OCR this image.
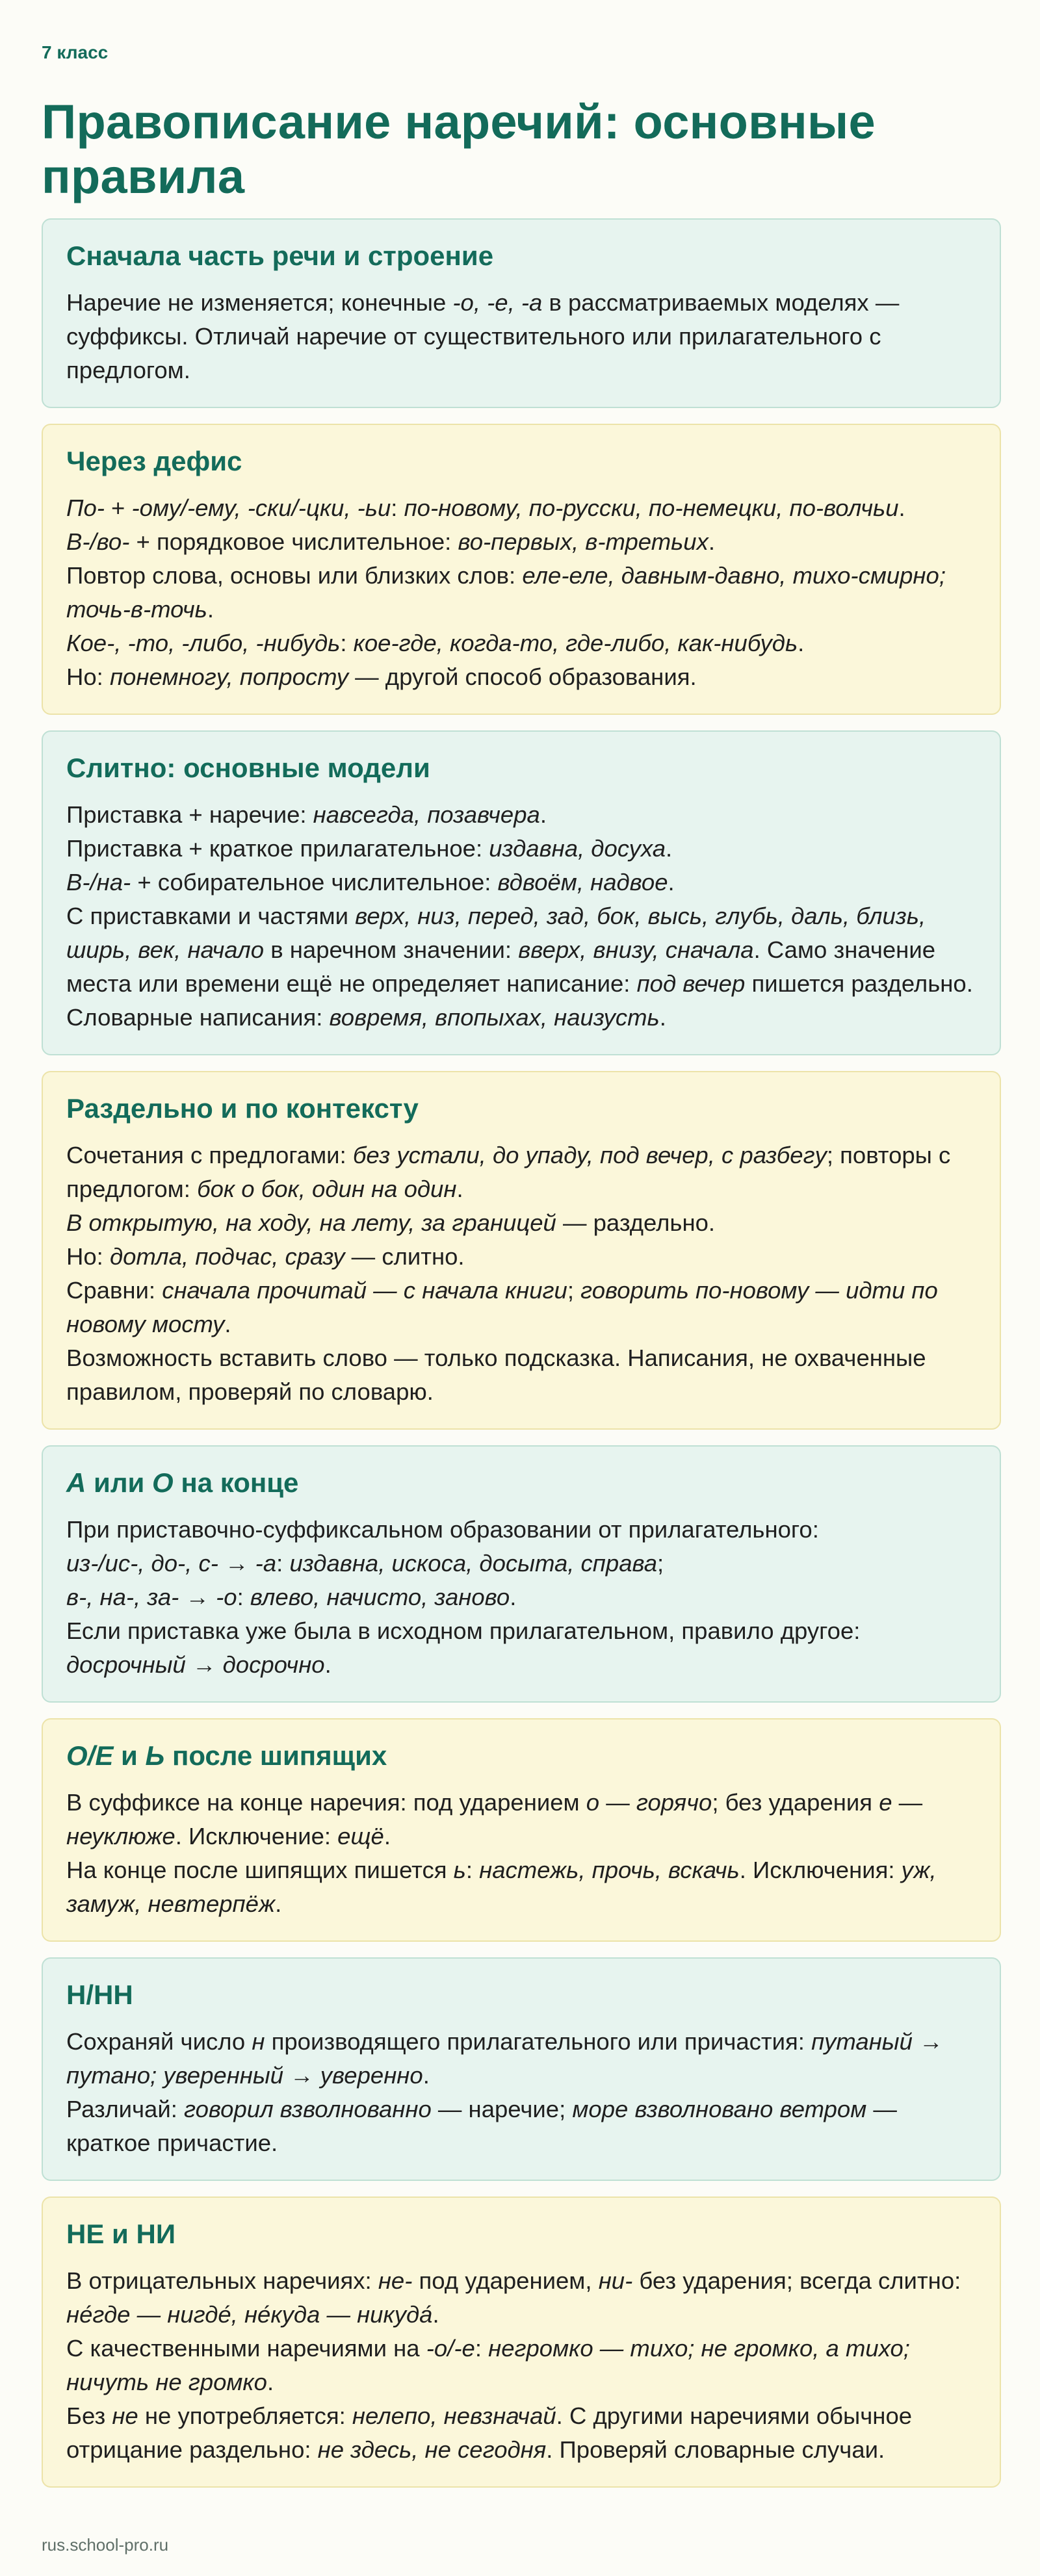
7 класс

Правописание наречий: основные правила
Сначала часть речи и строение

Наречие не изменяется; конечные -о, -е, -а в рассматриваемых моделях — суффиксы. Отличай наречие от существительного или прилагательного с предлогом.

Через дефис

По- + -ому/-ему, -ски/-цки, -ьи: по-новому, по-русски, по-немецки, по-волчьи.

В-/во- + порядковое числительное: во-первых, в-третьих.

Повтор слова, основы или близких слов: еле-еле, давным-давно, тихо-смирно; точь-в-точь.

Кое-, -то, -либо, -нибудь: кое-где, когда-то, где-либо, как-нибудь.

Но: понемногу, попросту — другой способ образования.

Слитно: основные модели

Приставка + наречие: навсегда, позавчера.

Приставка + краткое прилагательное: издавна, досуха.

В-/на- + собирательное числительное: вдвоём, надвое.

С приставками и частями верх, низ, перед, зад, бок, высь, глубь, даль, близь, ширь, век, начало в наречном значении: вверх, внизу, сначала. Само значение места или времени ещё не определяет написание: под вечер пишется раздельно.

Словарные написания: вовремя, впопыхах, наизусть.

Раздельно и по контексту

Сочетания с предлогами: без устали, до упаду, под вечер, с разбегу; повторы с предлогом: бок о бок, один на один.

В открытую, на ходу, на лету, за границей — раздельно.

Но: дотла, подчас, сразу — слитно.

Сравни: сначала прочитай — с начала книги; говорить по-новому — идти по новому мосту.

Возможность вставить слово — только подсказка. Написания, не охваченные правилом, проверяй по словарю.

А или О на конце

При приставочно-суффиксальном образовании от прилагательного:

из-/ис-, до-, с- → -а: издавна, искоса, досыта, справа;

в-, на-, за- → -о: влево, начисто, заново.

Если приставка уже была в исходном прилагательном, правило другое: досрочный → досрочно.

О/Е и Ь после шипящих

В суффиксе на конце наречия: под ударением о — горячо; без ударения е — неуклюже. Исключение: ещё.

На конце после шипящих пишется ь: настежь, прочь, вскачь. Исключения: уж, замуж, невтерпёж.

Н/НН

Сохраняй число н производящего прилагательного или причастия: путаный → путано; уверенный → уверенно.

Различай: говорил взволнованно — наречие; море взволновано ветром — краткое причастие.

НЕ и НИ

В отрицательных наречиях: не- под ударением, ни- без ударения; всегда слитно: не́где — нигде́, не́куда — никуда́.

С качественными наречиями на -о/-е: негромко — тихо; не громко, а тихо; ничуть не громко.

Без не не употребляется: нелепо, невзначай. С другими наречиями обычное отрицание раздельно: не здесь, не сегодня. Проверяй словарные случаи.

rus.school-pro.ru
